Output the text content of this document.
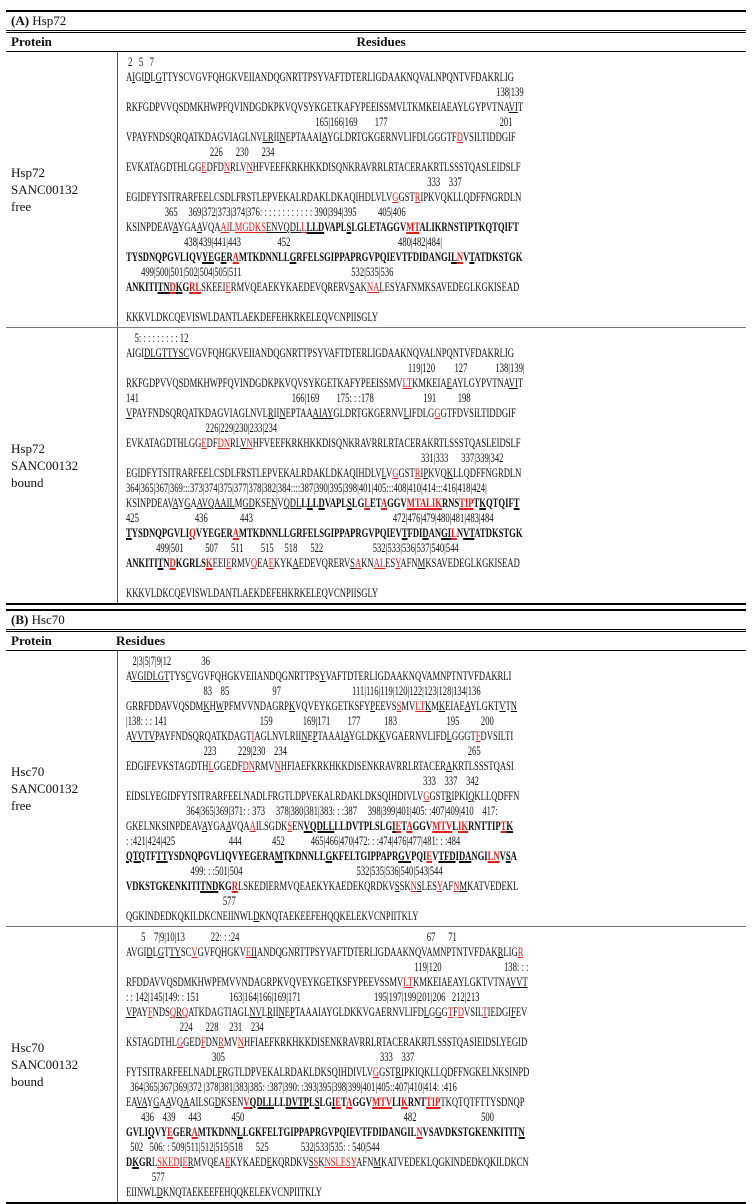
(A) Hsp72
Protein	Residues
Hsp72
SANC00132
free
2   5   7
AIGIDLGTTYSCVGVFQHGKVEIIANDQGNRTTPSYVAFTDTERLIGDAAKNQVALNPQNTVFDAKRLIG
138|139
RKFGDPVVQSDMKHWPFQVINDGDKPKVQVSYKGETKAFYPEEISSMVLTKMKEIAEAYLGYPVTNAVIT
165|166|169        177                                                    201
VPAYFNDSQRQATKDAGVIAGLNVLRIINEPTAAAIAYGLDRTGKGERNVLIFDLGGGTFDVSILTIDDGIF
226      230      234
EVKATAGDTHLGGEDFDNRLVNHFVEEFKRKHKKDISQNKRAVRRLRTACERAKRTLSSSTQASLEIDSLF
333    337
EGIDFYTSITRARFEELCSDLFRSTLEPVEKALRDAKLDKAQIHDLVLVGGSTRIPKVQKLLQDFFNGRDLN
365     369|372|373|374|376: : : : : : : : : : : : 390|394|395          405|406
KSINPDEAVAYGAAVQAAILMGDKSENVQDLLLLDVAPLSLGLETAGGVMTALIKRNSTIPTKQTQIFT
438|439|441|443                 452                                                  480|482|484|
TYSDNQPGVLIQVYEGERAMTKDNNLLGRFELSGIPPAPRGVPQIEVTFDIDANGILNVTATDKSTGK
499|500|501|502|504|505|511                                                   532|535|536
ANKITITNDKGRLSKEEIERMVQEAEKYKAEDEVQRERVSAKNALESYAFNMKSAVEDEGLKGKISEAD
KKKVLDKCQEVISWLDANTLAEKDEFEHKRKELEQVCNPIISGLY
Hsp72
SANC00132
bound
5: : : : : : : : : 12
AIGIDLGTTYSCVGVFQHGKVEIIANDQGNRTTPSYVAFTDTERLIGDAAKNQVALNPQNTVFDAKRLIG
119|120         127             138|139|
RKFGDPVVQSDMKHWPFQVINDGDKPKVQVSYKGETKAFYPEEISSMVLTKMKEIAEAYLGYPVTNAVIT
141                                                                       166|169        175: : :178                       191          198
VPAYFNDSQRQATKDAGVIAGLNVLRIINEPTAAAIAYGLDRTGKGERNVLIFDLGGGTFDVSILTIDDGIF
226|229|230|233|234
EVKATAGDTHLGGEDFDNRLVNHFVEEFKRKHKKDISQNKRAVRRLRTACERAKRTLSSSTQASLEIDSLF
331|333      337|339|342
EGIDFYTSITRARFEELCSDLFRSTLEPVEKALRDAKLDKAQIHDLVLVGGSTRIPKVQKLLQDFFNGRDLN
364|365|367|369:::373|374|375|377|378|382|384::::387|390|395|398|401|405:::408|410|414:::416|418|424|
KSINPDEAVAYGAAVQAAILMGDKSENVQDLLLLDVAPLSLGLETAGGVMTALIKRNSTIPTKQTQIFT
425                          436               443                                                                 472|476|479|480|481|483|484
TYSDNQPGVLIQVYEGERAMTKDNNLLGRFELSGIPPAPRGVPQIEVTFDIDANGILNVTATDKSTGK
499|501          507      511        515     518      522                       532|533|536|537|540|544
ANKITITNDKGRLSKEEIERMVQEAEKYKAEDEVQRERVSAKNALESYAFNMKSAVEDEGLKGKISEAD
KKKVLDKCQEVISWLDANTLAEKDEFEHKRKELEQVCNPIISGLY
(B) Hsc70
Protein	Residues
Hsc70
SANC00132
free
2|3|5|7|9|12              36
AVGIDLGTTYSCVGVFQHGKVEIIANDQGNRTTPSYVAFTDTERLIGDAAKNQVAMNPTNTVFDAKRLI
83    85                    97                                 111|116|119|120|122|123|128|134|136
GRRFDDAVVQSDMKHWPFMVVNDAGRPKVQVEYKGETKSFYPEEVSSMVLTKMKEIAEAYLGKTVTN
|138: : : 141                                           159              169|171        177           183                       195          200
AVVTVPAYFNDSQRQATKDAGTIAGLNVLRIINEPTAAAIAYGLDKKVGAERNVLIFDLGGGTFDVSILTI
223          229|230    234                                                                                    265
EDGIFEVKSTAGDTHLGGEDFDNRMVNHFIAEFKRKHKKDISENKRAVRRLRTACERAKRTLSSSTQASI
333    337    342
EIDSLYEGIDFYTSITRARFEELNADLFRGTLDPVEKALRDAKLDKSQIHDIVLVGGSTRIPKIQKLLQDFFN
364|365|369|371: : 373     378|380|381|383: : :387     398|399|401|405: :407|409|410    417:
GKELNKSINPDEAVAYGAAVQAAILSGDKSENVQDLLLLDVTPLSLGIETAGGVMTVLIKRNTTIPTK
: :421|424|425                         444              452            465|466|470|472: : :474|476|477|481: : :484
QTQTFTTYSDNQPGVLIQVYEGERAMTKDNNLLGKFELTGIPPAPRGVPQIEVTFDIDANGILNVSA
499: : :501|504                                                     532|535|536|540|543|544
VDKSTGKENKITITNDKGRLSKEDIERMVQEAEKYKAEDEKQRDKVSSKNSLESYAFNMKATVEDEKL
577
QGKINDEDKQKILDKCNEIINWLDKNQTAEKEEFEHQQKELEKVCNPIITKLY
Hsc70
SANC00132
bound
5    7|9|10|13            22: : :24                                                                                       67      71
AVGIDLGTTYSCVGVFQHGKVEIIANDQGNRTTPSYVAFTDTERLIGDAAKNQVAMNPTNTVFDAKRLIGR
119|120                             138: : :
RFDDAVVQSDMKHWPFMVVNDAGRPKVQVEYKGETKSFYPEEVSSMVLTKMKEIAEAYLGKTVTNAVVT
: : 142|145|149: : 151              163|164|166|169|171                                  195|197|199|201|206   212|213
VPAYFNDSQRQATKDAGTIAGLNVLRIINEPTAAAIAYGLDKKVGAERNVLIFDLGGGTFDVSILTIEDGIFEV
224      228     231    234
KSTAGDTHLGGEDFDNRMVNHFIAEFKRKHKKDISENKRAVRRLRTACERAKRTLSSSTQASIEIDSLYEGID
305                                                                        333    337
FYTSITRARFEELNADLFRGTLDPVEKALRDAKLDKSQIHDIVLVGGSTRIPKIQKLLQDFFNGKELNKSINPD
364|365|367|369|372 |378|381|383|385: :387|390: :393|395|398|399|401|405::407|410|414: :416
EAVAYGAAVQAAILSGDKSENVQDLLLLDVTPLSLGIETAGGVMTVLIKRNTTIPTKQTQTFTTYSDNQP
436    439      443              450                                                                          482                              500
GVLIQVYEGERAMTKDNNLLGKFELTGIPPAPRGVPQIEVTFDIDANGILNVSAVDKSTGKENKITITN
502   506: : 509|511|512|515|518      525               532|533|535: : 540|544
DKGRLSKEDIERMVQEAEKYKAEDEKQRDKVSSKNSLESYAFNMKATVEDEKLQGKINDEDKQKILDKCN
577
EIINWLDKNQTAEKEEFEHQQKELEKVCNPIITKLY
